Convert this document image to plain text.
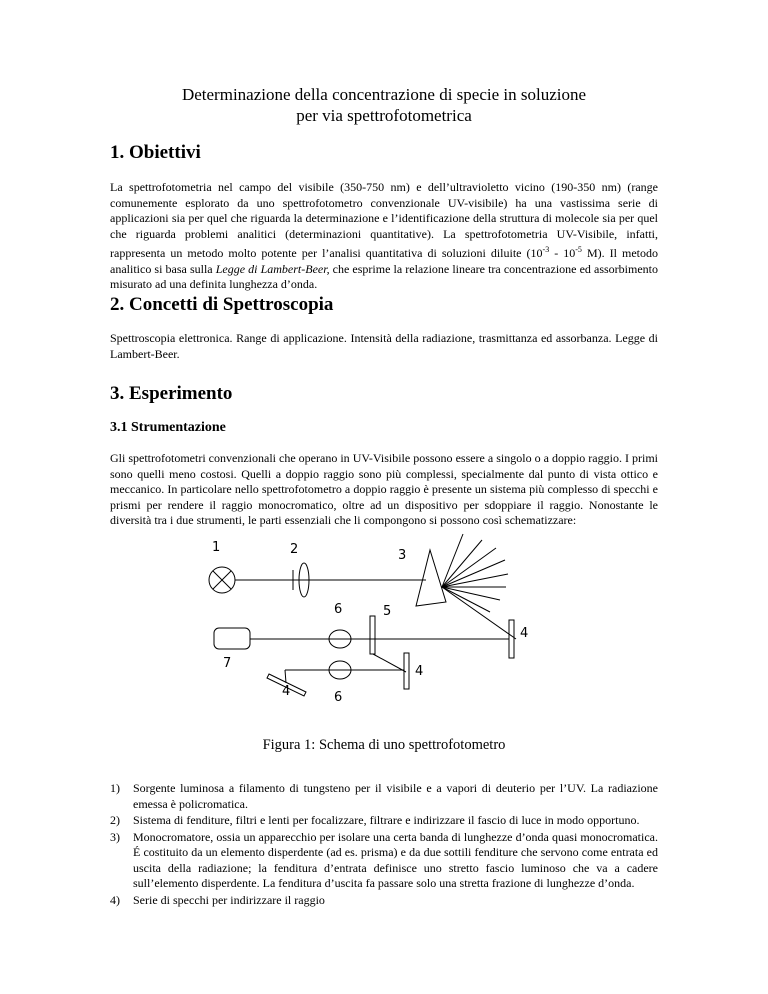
Determinazione della concentrazione di specie in soluzione
per via spettrofotometrica
1. Obiettivi

La spettrofotometria nel campo del visibile (350-750 nm) e dell’ultravioletto vicino (190-350 nm) (range comunemente esplorato da uno spettrofotometro convenzionale UV-visibile) ha una vastissima serie di applicazioni sia per quel che riguarda la determinazione e l’identificazione della struttura di molecole sia per quel che riguarda problemi analitici (determinazioni quantitative). La spettrofotometria UV-Visibile, infatti, rappresenta un metodo molto potente per l’analisi quantitativa di soluzioni diluite ($10^{-3} - 10^{-5}$ M). Il metodo analitico si basa sulla Legge di Lambert-Beer, che esprime la relazione lineare tra concentrazione ed assorbimento misurato ad una definita lunghezza d’onda.

2. Concetti di Spettroscopia

Spettroscopia elettronica. Range di applicazione. Intensità della radiazione, trasmittanza ed assorbanza. Legge di Lambert-Beer.

3. Esperimento
3.1 Strumentazione

Gli spettrofotometri convenzionali che operano in UV-Visibile possono essere a singolo o a doppio raggio. I primi sono quelli meno costosi. Quelli a doppio raggio sono più complessi, specialmente dal punto di vista ottico e meccanico. In particolare nello spettrofotometro a doppio raggio è presente un sistema più complesso di specchi e prismi per rendere il raggio monocromatico, oltre ad un dispositivo per sdoppiare il raggio. Nonostante le diversità tra i due strumenti, le parti essenziali che li compongono si possono così schematizzare:

1	2	3
6	5
4
7
4
4	6
Figura 1: Schema di uno spettrofotometro
1) Sorgente luminosa a filamento di tungsteno per il visibile e a vapori di deuterio per l’UV. La radiazione emessa è policromatica.
2) Sistema di fenditure, filtri e lenti per focalizzare, filtrare e indirizzare il fascio di luce in modo opportuno.
3) Monocromatore, ossia un apparecchio per isolare una certa banda di lunghezze d’onda quasi monocromatica. É costituito da un elemento disperdente (ad es. prisma) e da due sottili fenditure che servono come entrata ed uscita della radiazione; la fenditura d’entrata definisce uno stretto fascio luminoso che va a cadere sull’elemento disperdente. La fenditura d’uscita fa passare solo una stretta frazione di lunghezze d’onda.
4) Serie di specchi per indirizzare il raggio
